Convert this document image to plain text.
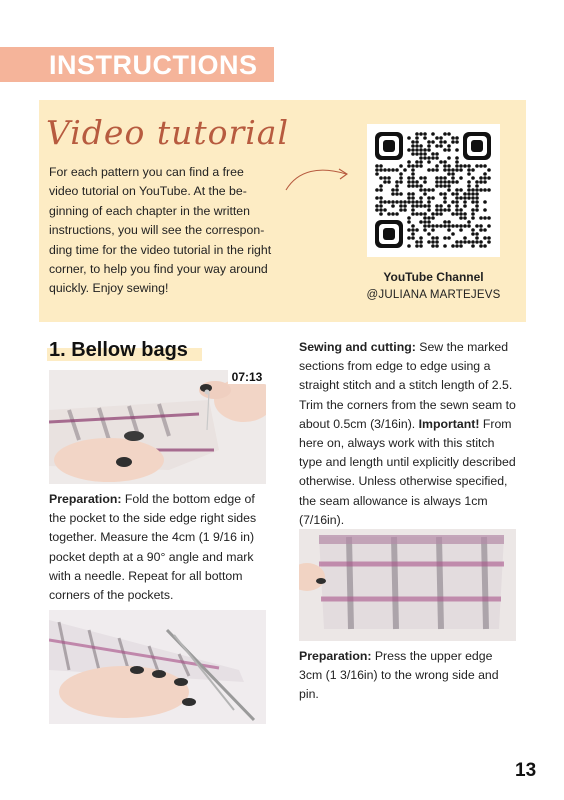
INSTRUCTIONS
Video tutorial
For each pattern you can find a free video tutorial on YouTube. At the beginning of each chapter in the written instructions, you will see the corresponding time for the video tutorial in the right corner, to help you find your way around quickly. Enjoy sewing!
YouTube Channel
@JULIANA MARTEJEVS
1. Bellow bags
07:13
Preparation: Fold the bottom edge of the pocket to the side edge right sides together. Measure the 4cm (1 9/16 in) pocket depth at a 90° angle and mark with a needle. Repeat for all bottom corners of the pockets.
Sewing and cutting: Sew the marked sections from edge to edge using a straight stitch and a stitch length of 2.5. Trim the corners from the sewn seam to about 0.5cm (3/16in). Important! From here on, always work with this stitch type and length until explicitly described otherwise. Unless otherwise specified, the seam allowance is always 1cm (7/16in).
Preparation: Press the upper edge 3cm (1 3/16in) to the wrong side and pin.
13
